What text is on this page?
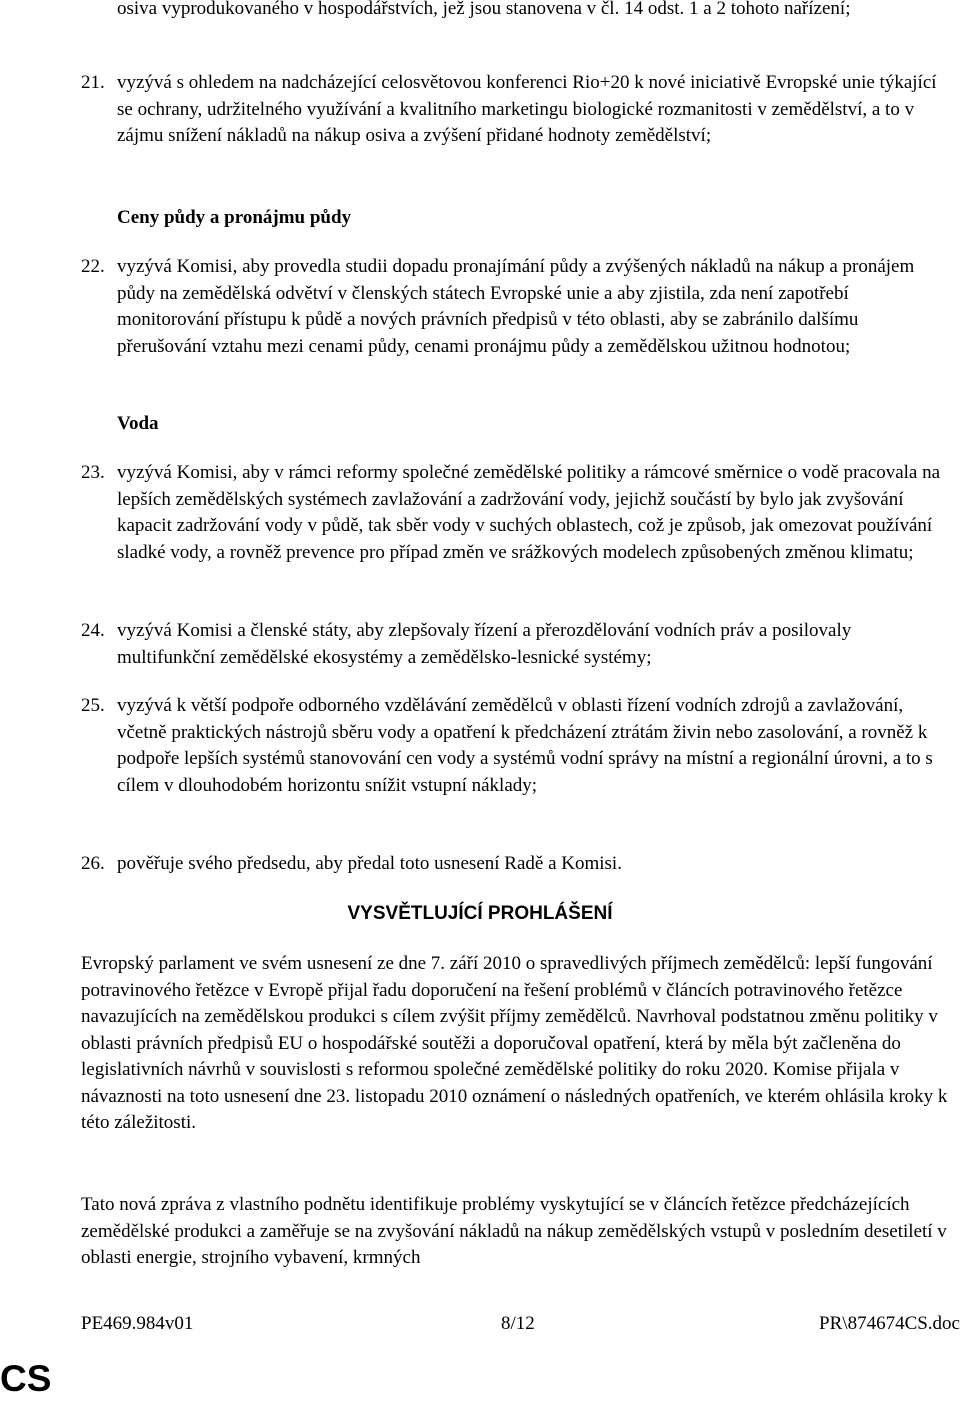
osiva vyprodukovaného v hospodářstvích, jež jsou stanovena v čl. 14 odst. 1 a 2 tohoto nařízení;
21. vyzývá s ohledem na nadcházející celosvětovou konferenci Rio+20 k nové iniciativě Evropské unie týkající se ochrany, udržitelného využívání a kvalitního marketingu biologické rozmanitosti v zemědělství, a to v zájmu snížení nákladů na nákup osiva a zvýšení přidané hodnoty zemědělství;
Ceny půdy a pronájmu půdy
22. vyzývá Komisi, aby provedla studii dopadu pronajímání půdy a zvýšených nákladů na nákup a pronájem půdy na zemědělská odvětví v členských státech Evropské unie a aby zjistila, zda není zapotřebí monitorování přístupu k půdě a nových právních předpisů v této oblasti, aby se zabránilo dalšímu přerušování vztahu mezi cenami půdy, cenami pronájmu půdy a zemědělskou užitnou hodnotou;
Voda
23. vyzývá Komisi, aby v rámci reformy společné zemědělské politiky a rámcové směrnice o vodě pracovala na lepších zemědělských systémech zavlažování a zadržování vody, jejichž součástí by bylo jak zvyšování kapacit zadržování vody v půdě, tak sběr vody v suchých oblastech, což je způsob, jak omezovat používání sladké vody, a rovněž prevence pro případ změn ve srážkových modelech způsobených změnou klimatu;
24. vyzývá Komisi a členské státy, aby zlepšovaly řízení a přerozdělování vodních práv a posilovaly multifunkční zemědělské ekosystémy a zemědělsko-lesnické systémy;
25. vyzývá k větší podpoře odborného vzdělávání zemědělců v oblasti řízení vodních zdrojů a zavlažování, včetně praktických nástrojů sběru vody a opatření k předcházení ztrátám živin nebo zasolování, a rovněž k podpoře lepších systémů stanovování cen vody a systémů vodní správy na místní a regionální úrovni, a to s cílem v dlouhodobém horizontu snížit vstupní náklady;
26. pověřuje svého předsedu, aby předal toto usnesení Radě a Komisi.
VYSVĚTLUJÍCÍ PROHLÁŠENÍ
Evropský parlament ve svém usnesení ze dne 7. září 2010 o spravedlivých příjmech zemědělců: lepší fungování potravinového řetězce v Evropě přijal řadu doporučení na řešení problémů v článcích potravinového řetězce navazujících na zemědělskou produkci s cílem zvýšit příjmy zemědělců. Navrhoval podstatnou změnu politiky v oblasti právních předpisů EU o hospodářské soutěži a doporučoval opatření, která by měla být začleněna do legislativních návrhů v souvislosti s reformou společné zemědělské politiky do roku 2020. Komise přijala v návaznosti na toto usnesení dne 23. listopadu 2010 oznámení o následných opatřeních, ve kterém ohlásila kroky k této záležitosti.
Tato nová zpráva z vlastního podnětu identifikuje problémy vyskytující se v článcích řetězce předcházejících zemědělské produkci a zaměřuje se na zvyšování nákladů na nákup zemědělských vstupů v posledním desetiletí v oblasti energie, strojního vybavení, krmných
PE469.984v01	8/12	PR\874674CS.doc
CS
